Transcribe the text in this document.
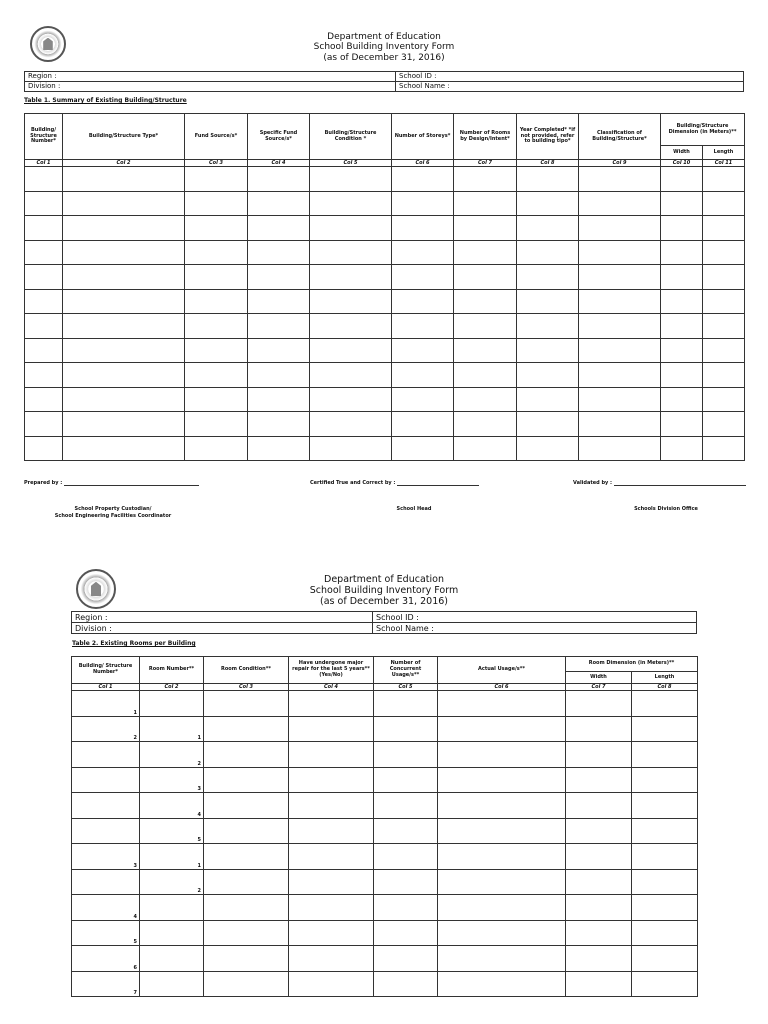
Department of Education
School Building Inventory Form
(as of December 31, 2016)
Region :	School ID :
Division :	School Name :
Table 1. Summary of Existing Building/Structure
Building/ Structure Number*	Building/Structure Type*	Fund Source/s*	Specific Fund Source/s*	Building/Structure Condition *	Number of Storeys*	Number of Rooms by Design/Intent*	Year Completed* *if not provided, refer to building tipo*	Classification of Building/Structure*	Building/Structure Dimension (in Meters)**	
									Width	Length
Col 1	Col 2	Col 3	Col 4	Col 5	Col 6	Col 7	Col 8	Col 9	Col 10	Col 11

Prepared by :	Certified True and Correct by :	Validated by :
School Property Custodian/
School Engineering Facilities Coordinator
School Head	Schools Division Office
Department of Education
School Building Inventory Form
(as of December 31, 2016)
Region :	School ID :
Division :	School Name :
Table 2. Existing Rooms per Building
Building/ Structure Number*	Room Number**	Room Condition**	Have undergone major repair for the last 5 years** (Yes/No)	Number of Concurrent Usage/s**	Actual Usage/s**	Room Dimension (in Meters)**	
						Width	Length
Col 1	Col 2	Col 3	Col 4	Col 5	Col 6	Col 7	Col 8
1							
2	1						
	2						
	3						
	4						
	5						
3	1						
	2						
4							
5							
6							
7							
